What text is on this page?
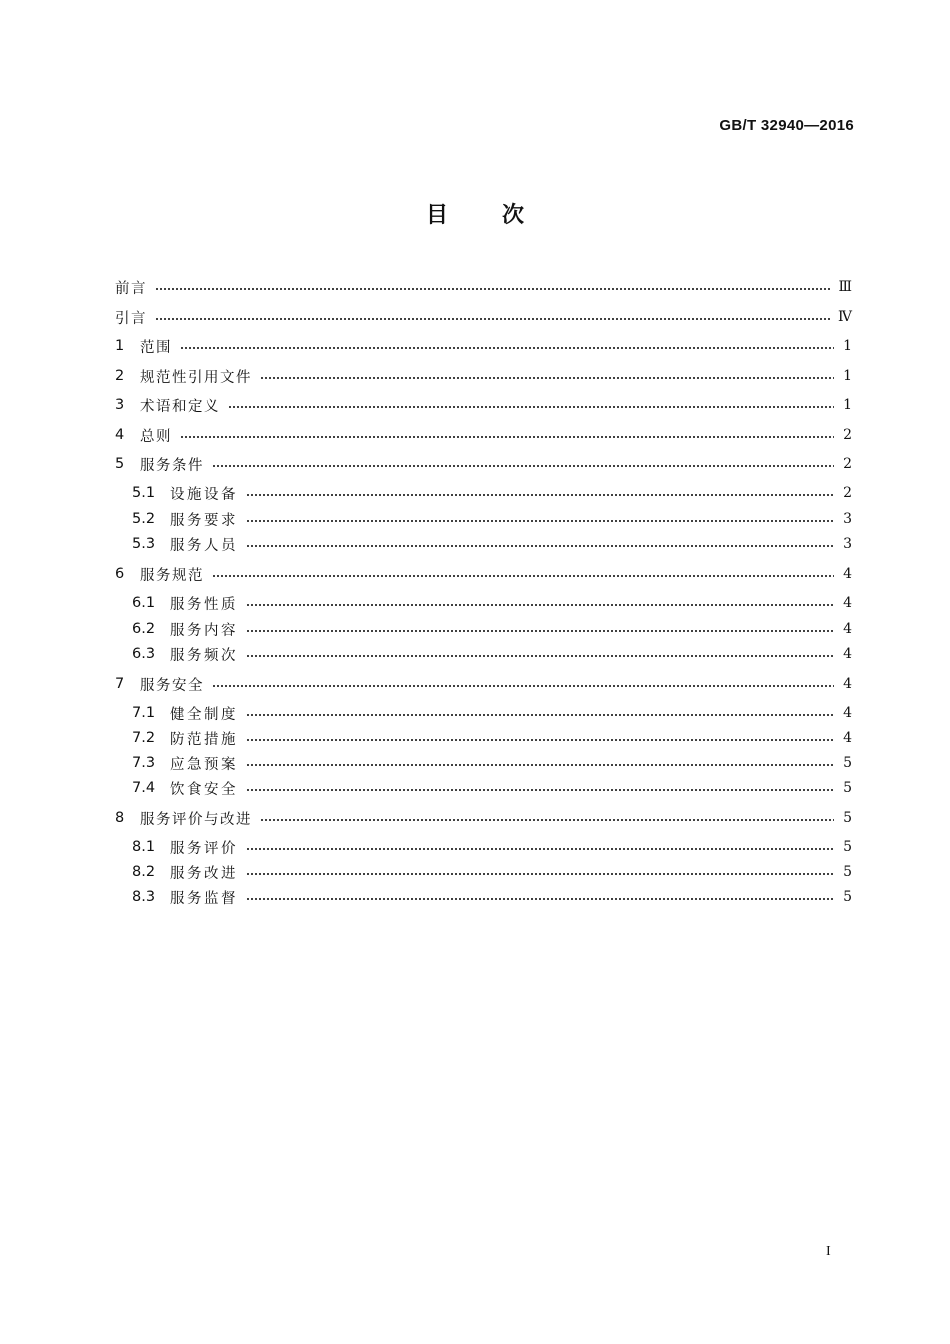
GB/T 32940—2016
目次
前言	Ⅲ
引言	Ⅳ
1	范围	1
2	规范性引用文件	1
3	术语和定义	1
4	总则	2
5	服务条件	2
5.1	设施设备	2
5.2	服务要求	3
5.3	服务人员	3
6	服务规范	4
6.1	服务性质	4
6.2	服务内容	4
6.3	服务频次	4
7	服务安全	4
7.1	健全制度	4
7.2	防范措施	4
7.3	应急预案	5
7.4	饮食安全	5
8	服务评价与改进	5
8.1	服务评价	5
8.2	服务改进	5
8.3	服务监督	5
I
